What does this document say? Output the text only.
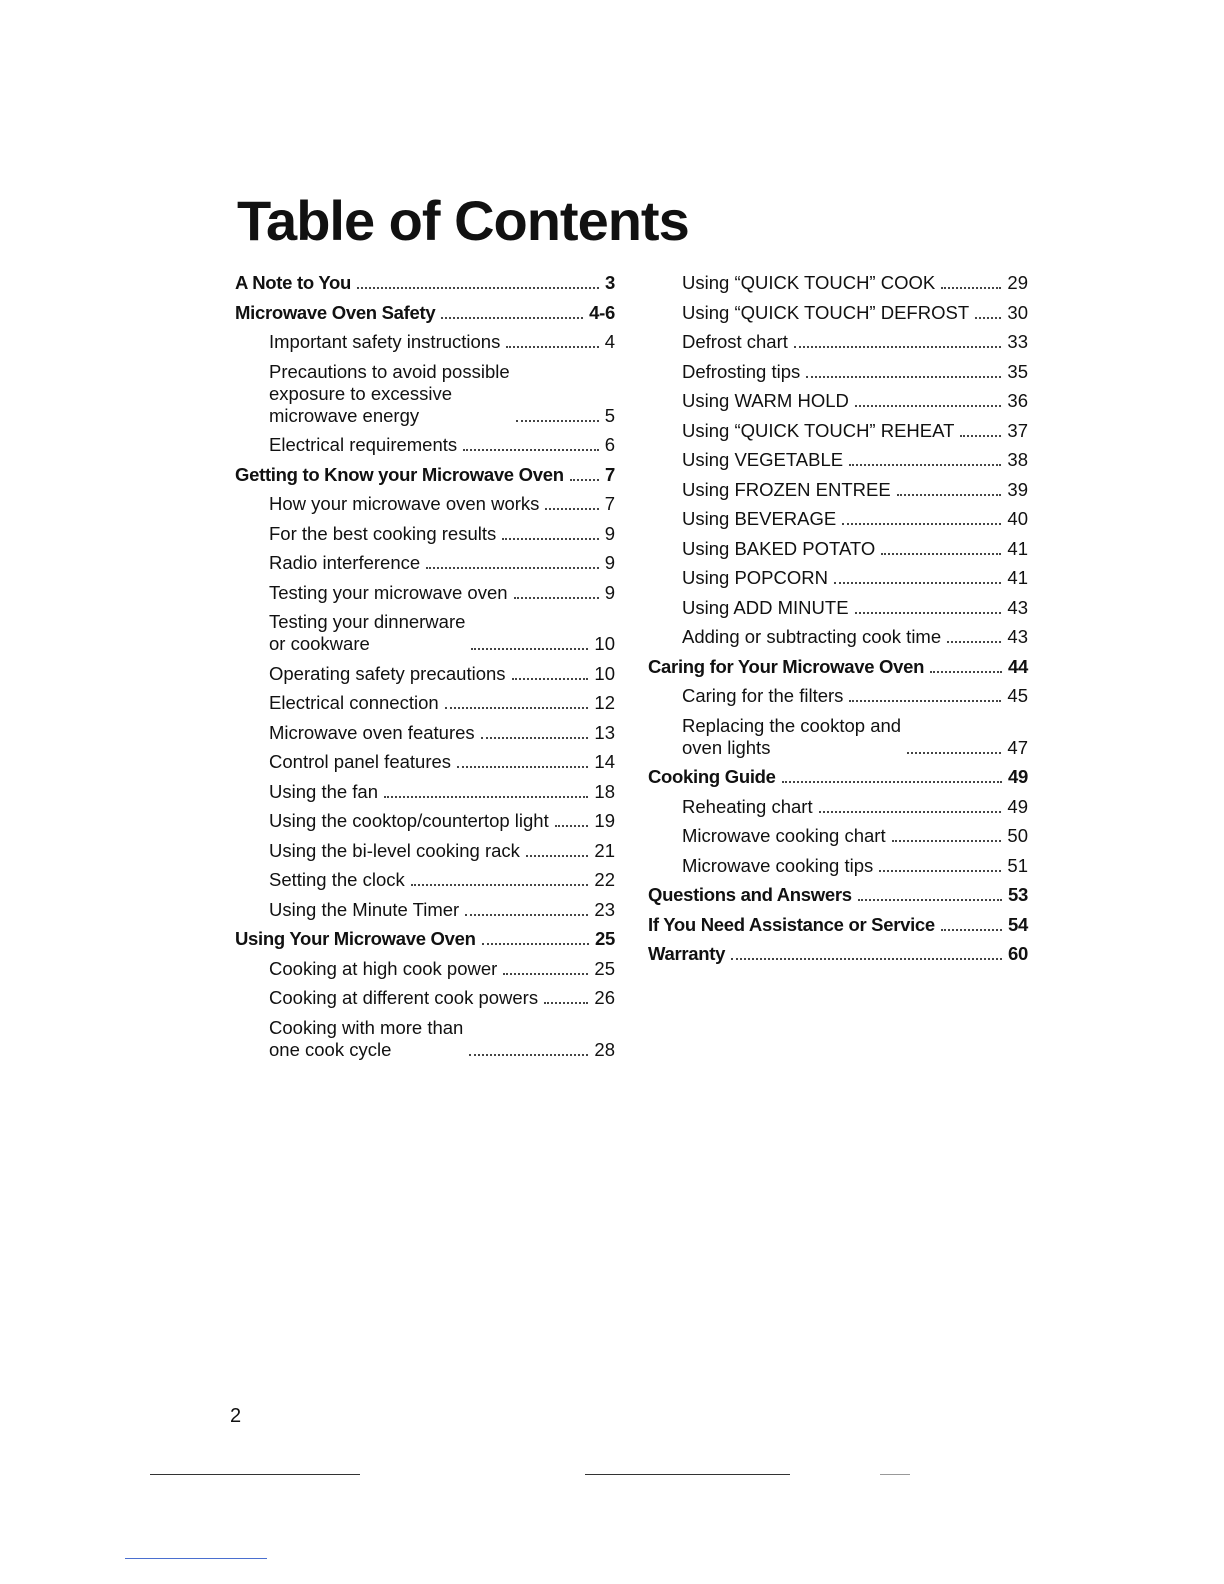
Table of Contents
A Note to You	3
Microwave Oven Safety	4-6
Important safety instructions	4
Precautions to avoid possible
exposure to excessive
microwave energy	5
Electrical requirements	6
Getting to Know your Microwave Oven 7
How your microwave oven works	7
For the best cooking results	9
Radio interference	9
Testing your microwave oven	9
Testing your dinnerware
or cookware	10
Operating safety precautions	10
Electrical connection	12
Microwave oven features	13
Control panel features	14
Using the fan	18
Using the cooktop/countertop light 19
Using the bi-level cooking rack	21
Setting the clock	22
Using the Minute Timer	23
Using Your Microwave Oven	25
Cooking at high cook power	25
Cooking at different cook powers	26
Cooking with more than
one cook cycle	28
Using “QUICK TOUCH” COOK	29
Using “QUICK TOUCH” DEFROST 30
Defrost chart	33
Defrosting tips	35
Using WARM HOLD	36
Using “QUICK TOUCH” REHEAT	37
Using VEGETABLE	38
Using FROZEN ENTREE	39
Using BEVERAGE	40
Using BAKED POTATO	41
Using POPCORN	41
Using ADD MINUTE	43
Adding or subtracting cook time	43
Caring for Your Microwave Oven	44
Caring for the filters	45
Replacing the cooktop and
oven lights	47
Cooking Guide	49
Reheating chart	49
Microwave cooking chart	50
Microwave cooking tips	51
Questions and Answers	53
If You Need Assistance or Service	54
Warranty	60
2
